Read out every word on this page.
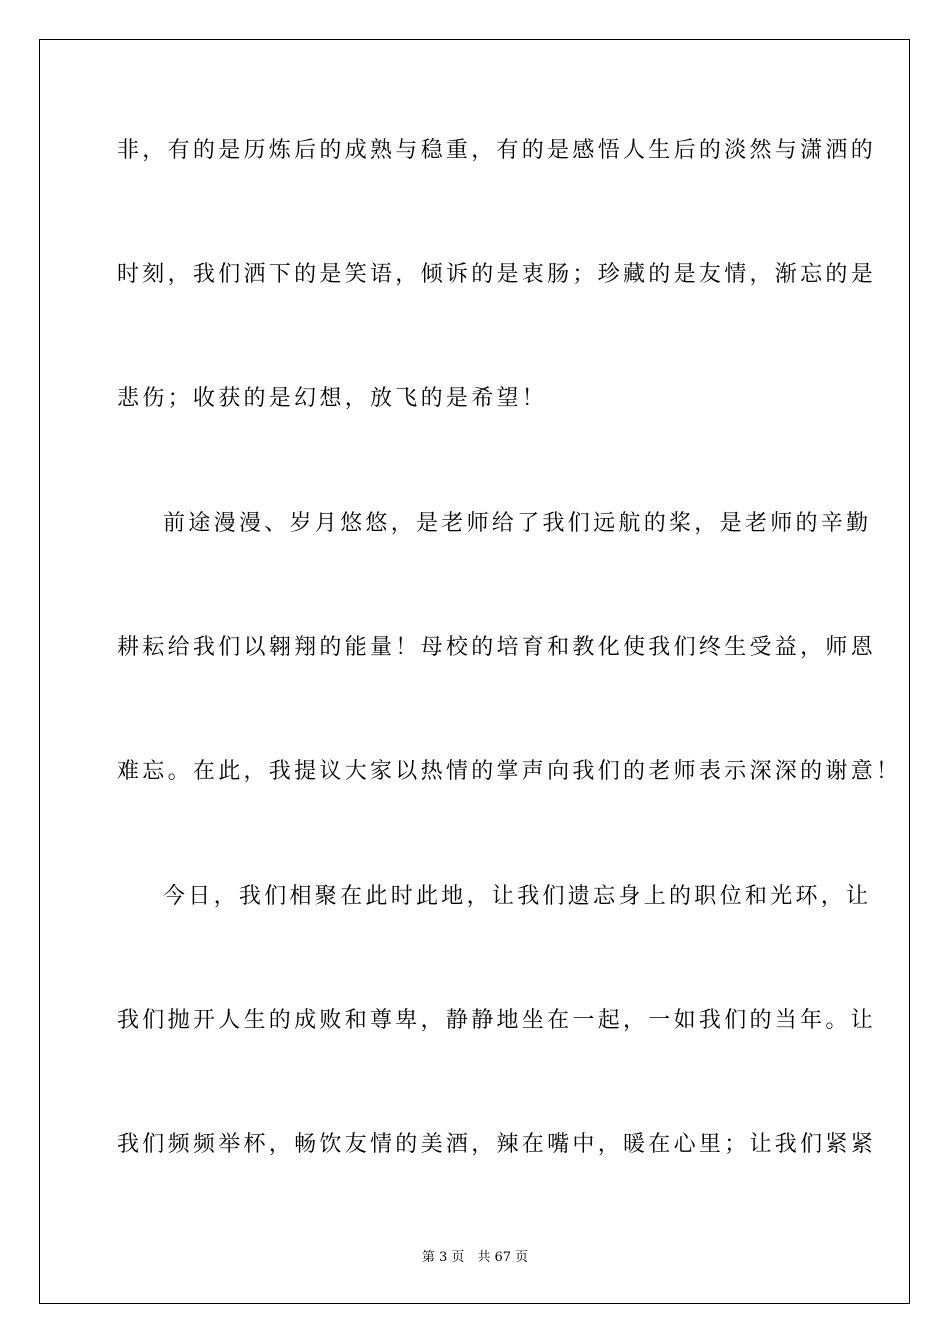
非，有的是历炼后的成熟与稳重，有的是感悟人生后的淡然与潇洒的
时刻，我们洒下的是笑语，倾诉的是衷肠；珍藏的是友情，渐忘的是
悲伤；收获的是幻想，放飞的是希望！
前途漫漫、岁月悠悠，是老师给了我们远航的桨，是老师的辛勤
耕耘给我们以翱翔的能量！母校的培育和教化使我们终生受益，师恩
难忘。在此，我提议大家以热情的掌声向我们的老师表示深深的谢意！
今日，我们相聚在此时此地，让我们遗忘身上的职位和光环，让
我们抛开人生的成败和尊卑，静静地坐在一起，一如我们的当年。让
我们频频举杯，畅饮友情的美酒，辣在嘴中，暖在心里；让我们紧紧
第 3 页　共 67 页
